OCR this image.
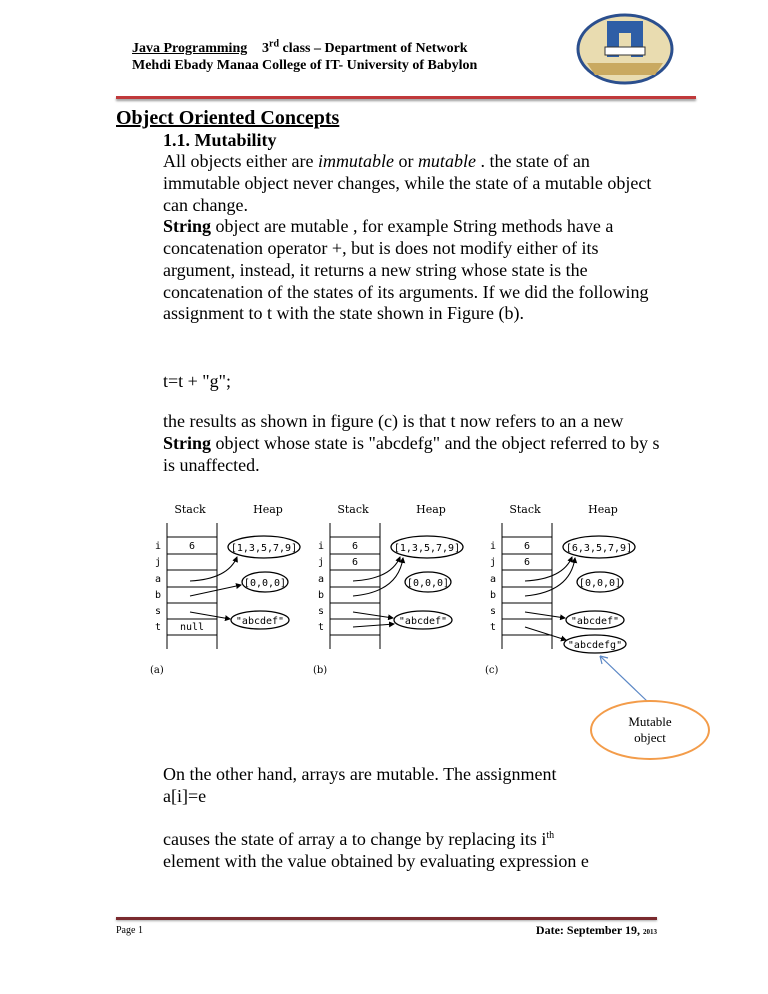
Java Programming
Mehdi Ebady Manaa
3rd class – Department of Network
College of IT- University of Babylon
Object Oriented Concepts
1.1. Mutability
All objects either are immutable or mutable . the state of an immutable object never changes, while the state of a mutable object can change.
String object are mutable , for example String methods have a concatenation operator +, but is does not modify either of its argument, instead, it returns a new string whose state is the concatenation of the states of its arguments. If we did the following assignment to t with the state shown in Figure (b).
t=t + "g";
the results as shown in figure (c) is that t now refers to an a new String object whose state is "abcdefg" and the object referred to by s is unaffected.
Stack	Heap
i	6
j
a
b
s
t null
[1,3,5,7,9]
[0,0,0]
"abcdef"
(a)
Stack	Heap
i	6
j	6
a
b
s
t
[1,3,5,7,9]
[0,0,0]
"abcdef"
(b)
Stack	Heap
i	6
j	6
a
b
s
t
[6,3,5,7,9]
[0,0,0]
"abcdef"
"abcdefg"
(c)
Mutable
object
On the other hand, arrays are mutable. The assignment
a[i]=e
causes the state of array a to change by replacing its $i^{th}$
element with the value obtained by evaluating expression e
Page 1	Date: September 19, 2013
